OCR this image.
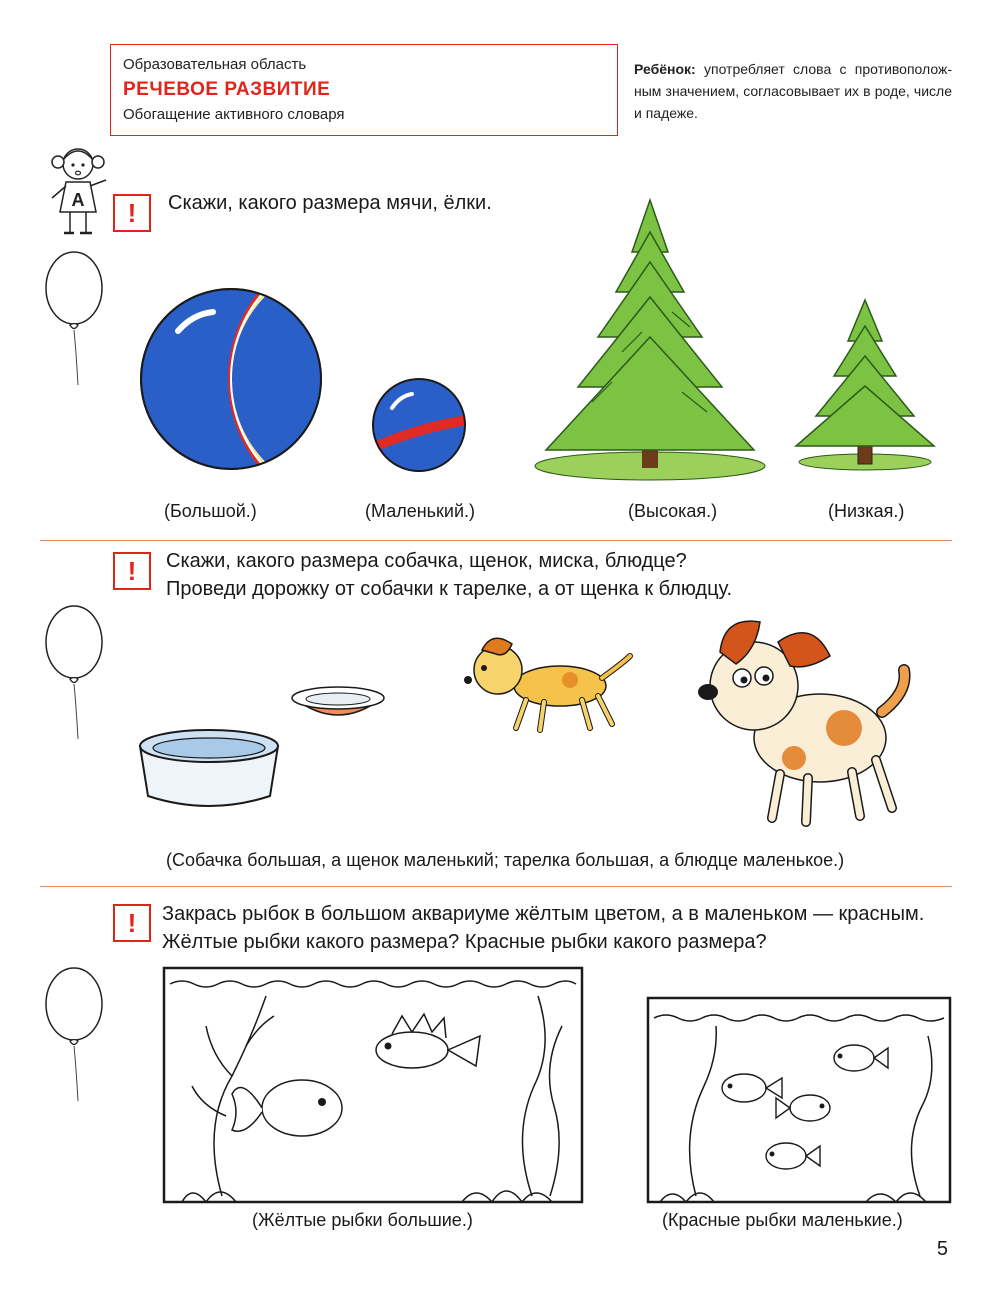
Образовательная область
РЕЧЕВОЕ РАЗВИТИЕ
Обогащение активного словаря
Ребёнок: употребляет слова с противополож-ным значением, согласовывает их в роде, числе и падеже.
А	!	Скажи, какого размера мячи, ёлки.
(Большой.)	(Маленький.)	(Высокая.)	(Низкая.)
!	Скажи, какого размера собачка, щенок, миска, блюдце?
Проведи дорожку от собачки к тарелке, а от щенка к блюдцу.
(Собачка большая, а щенок маленький; тарелка большая, а блюдце маленькое.)
!	Закрась рыбок в большом аквариуме жёлтым цветом, а в маленьком — красным.
Жёлтые рыбки какого размера? Красные рыбки какого размера?
(Жёлтые рыбки большие.)	(Красные рыбки маленькие.)
5
